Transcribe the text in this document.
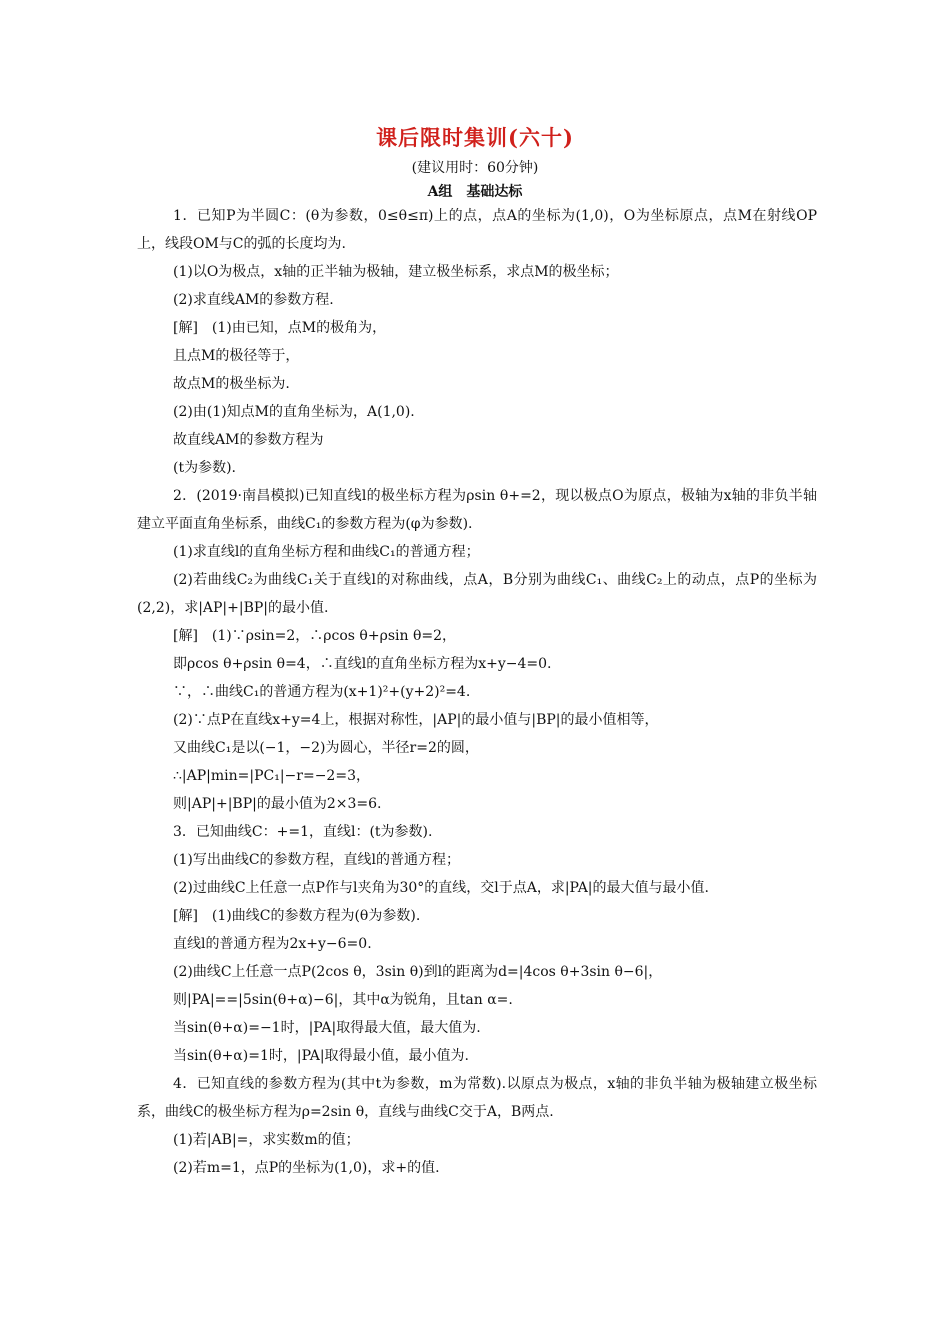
课后限时集训(六十)
(建议用时：60分钟)
A组　基础达标

1．已知P为半圆C：(θ为参数，0≤θ≤π)上的点，点A的坐标为(1,0)，O为坐标原点，点M在射线OP上，线段OM与C的弧的长度均为.

(1)以O为极点，x轴的正半轴为极轴，建立极坐标系，求点M的极坐标；

(2)求直线AM的参数方程.

[解]　(1)由已知，点M的极角为，

且点M的极径等于，

故点M的极坐标为.

(2)由(1)知点M的直角坐标为，A(1,0).

故直线AM的参数方程为

(t为参数).

2．(2019·南昌模拟)已知直线l的极坐标方程为ρsin θ+=2，现以极点O为原点，极轴为x轴的非负半轴建立平面直角坐标系，曲线C₁的参数方程为(φ为参数).

(1)求直线l的直角坐标方程和曲线C₁的普通方程；

(2)若曲线C₂为曲线C₁关于直线l的对称曲线，点A，B分别为曲线C₁、曲线C₂上的动点，点P的坐标为(2,2)，求|AP|+|BP|的最小值.

[解]　(1)∵ρsin=2，∴ρcos θ+ρsin θ=2，

即ρcos θ+ρsin θ=4，∴直线l的直角坐标方程为x+y−4=0.

∵，∴曲线C₁的普通方程为(x+1)²+(y+2)²=4.

(2)∵点P在直线x+y=4上，根据对称性，|AP|的最小值与|BP|的最小值相等，

又曲线C₁是以(−1，−2)为圆心，半径r=2的圆，

∴|AP|min=|PC₁|−r=−2=3，

则|AP|+|BP|的最小值为2×3=6.

3．已知曲线C：+=1，直线l：(t为参数).

(1)写出曲线C的参数方程，直线l的普通方程；

(2)过曲线C上任意一点P作与l夹角为30°的直线，交l于点A，求|PA|的最大值与最小值.

[解]　(1)曲线C的参数方程为(θ为参数).

直线l的普通方程为2x+y−6=0.

(2)曲线C上任意一点P(2cos θ，3sin θ)到l的距离为d=|4cos θ+3sin θ−6|，

则|PA|==|5sin(θ+α)−6|，其中α为锐角，且tan α=.

当sin(θ+α)=−1时，|PA|取得最大值，最大值为.

当sin(θ+α)=1时，|PA|取得最小值，最小值为.

4．已知直线的参数方程为(其中t为参数，m为常数).以原点为极点，x轴的非负半轴为极轴建立极坐标系，曲线C的极坐标方程为ρ=2sin θ，直线与曲线C交于A，B两点.

(1)若|AB|=，求实数m的值；

(2)若m=1，点P的坐标为(1,0)，求+的值.
